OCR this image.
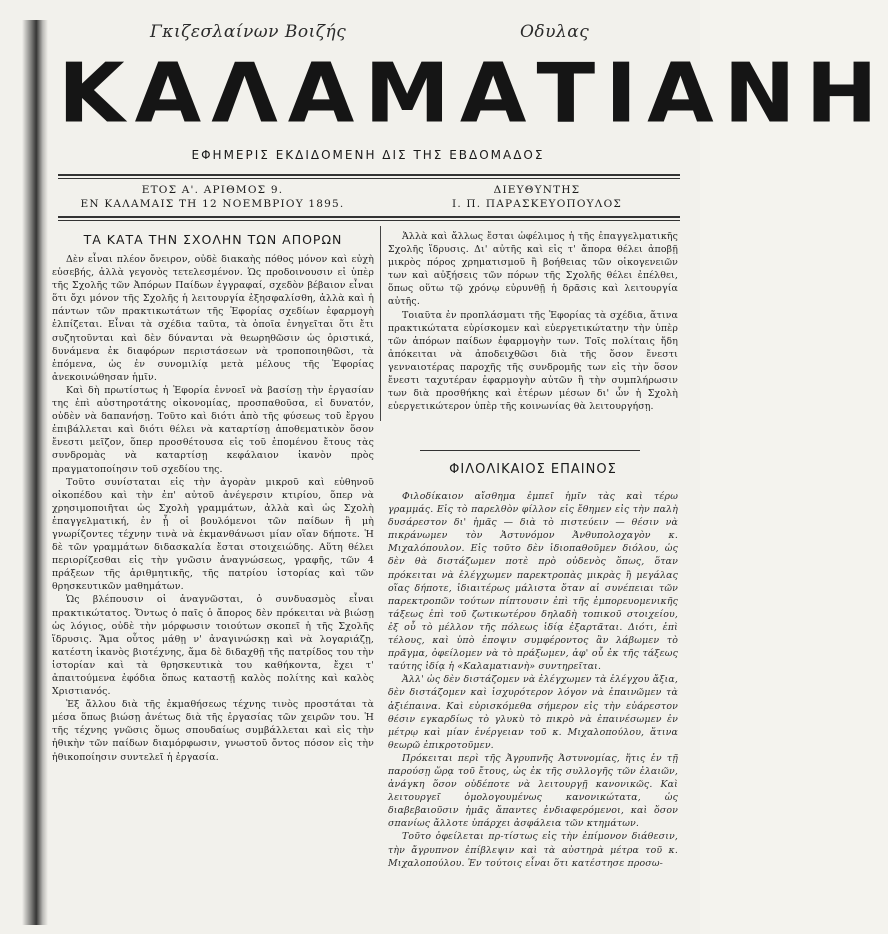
Γκιζεσλαίνων Βοιζής	Οδυλας
ΚΑΛΑΜΑΤΙΑΝΗ
ΕΦΗΜΕΡΙΣ ΕΚΔΙΔΟΜΕΝΗ ΔΙΣ ΤΗΣ ΕΒΔΟΜΑΔΟΣ
ΕΤΟΣ Α'. ΑΡΙΘΜΟΣ 9.
ΕΝ ΚΑΛΑΜΑΙΣ ΤΗ 12 ΝΟΕΜΒΡΙΟΥ 1895.
ΔΙΕΥΘΥΝΤΗΣ
Ι. Π. ΠΑΡΑΣΚΕΥΟΠΟΥΛΟΣ
ΤΑ ΚΑΤΑ ΤΗΝ ΣΧΟΛΗΝ ΤΩΝ ΑΠΟΡΩΝ

Δὲν εἶναι πλέον ὄνειρον, οὐδὲ διακαὴς πόθος μόνον καὶ εὐχὴ εὐσεβής, ἀλλὰ γεγονὸς τετελεσμένον. Ὡς προδοινουσιν εἰ ὑπὲρ τῆς Σχολῆς τῶν Ἀπόρων Παίδων ἐγγραφαί, σχεδὸν βέβαιον εἶναι ὅτι ὄχι μόνον τῆς Σχολῆς ἡ λειτουργία ἐξησφαλίσθη, ἀλλὰ καὶ ἡ πάντων τῶν πρακτικωτάτων τῆς Ἐφορίας σχεδίων ἐφαρμογὴ ἐλπίζεται. Εἶναι τὰ σχέδια ταῦτα, τὰ ὁποῖα ἐνηγεῖται ὅτι ἔτι συζητοῦνται καὶ δὲν δύνανται νὰ θεωρηθῶσιν ὡς ὁριστικά, δυνάμενα ἐκ διαφόρων περιστάσεων νὰ τροποποιηθῶσι, τὰ ἑπόμενα, ὡς ἐν συνομιλίᾳ μετὰ μέλους τῆς Ἐφορίας ἀνεκοινώθησαν ἡμῖν.

Καὶ δὴ πρωτίστως ἡ Ἐφορία ἐννοεῖ νὰ βασίσῃ τὴν ἐργασίαν της ἐπὶ αὐστηροτάτης οἰκονομίας, προσπαθοῦσα, εἰ δυνατόν, οὐδὲν νὰ δαπανήσῃ. Τοῦτο καὶ διότι ἀπὸ τῆς φύσεως τοῦ ἔργου ἐπιβάλλεται καὶ διότι θέλει νὰ καταρτίσῃ ἀποθεματικὸν ὅσον ἔνεστι μεῖζον, ὅπερ προσθέτουσα εἰς τοῦ ἑπομένου ἔτους τὰς συνδρομὰς νὰ καταρτίσῃ κεφάλαιον ἱκανὸν πρὸς πραγματοποίησιν τοῦ σχεδίου της.

Τοῦτο συνίσταται εἰς τὴν ἀγορὰν μικροῦ καὶ εὐθηνοῦ οἰκοπέδου καὶ τὴν ἐπ' αὐτοῦ ἀνέγερσιν κτιρίου, ὅπερ νὰ χρησιμοποιῆται ὡς Σχολὴ γραμμάτων, ἀλλὰ καὶ ὡς Σχολὴ ἐπαγγελματική, ἐν ᾗ οἱ βουλόμενοι τῶν παίδων ἢ μὴ γνωρίζοντες τέχνην τινὰ νὰ ἐκμανθάνωσι μίαν οἵαν δήποτε. Ἡ δὲ τῶν γραμμάτων διδασκαλία ἔσται στοιχειώδης. Αὕτη θέλει περιορίζεσθαι εἰς τὴν γνῶσιν ἀναγνώσεως, γραφῆς, τῶν 4 πράξεων τῆς ἀριθμητικῆς, τῆς πατρίου ἱστορίας καὶ τῶν θρησκευτικῶν μαθημάτων.

Ὡς βλέπουσιν οἱ ἀναγνῶσται, ὁ συνδυασμὸς εἶναι πρακτικώτατος. Ὄντως ὁ παῖς ὁ ἄπορος δὲν πρόκειται νὰ βιώσῃ ὡς λόγιος, οὐδὲ τὴν μόρφωσιν τοιούτων σκοπεῖ ἡ τῆς Σχολῆς ἵδρυσις. Ἅμα οὗτος μάθῃ ν' ἀναγινώσκῃ καὶ νὰ λογαριάζῃ, κατέστη ἱκανὸς βιοτέχνης, ἅμα δὲ διδαχθῇ τῆς πατρίδος του τὴν ἱστορίαν καὶ τὰ θρησκευτικὰ του καθήκοντα, ἔχει τ' ἀπαιτούμενα ἐφόδια ὅπως καταστῇ καλὸς πολίτης καὶ καλὸς Χριστιανός.

Ἐξ ἄλλου διὰ τῆς ἐκμαθήσεως τέχνης τινὸς προστάται τὰ μέσα ὅπως βιώσῃ ἀνέτως διὰ τῆς ἐργασίας τῶν χειρῶν του. Ἡ τῆς τέχνης γνῶσις ὅμως σπουδαίως συμβάλλεται καὶ εἰς τὴν ἠθικὴν τῶν παίδων διαμόρφωσιν, γνωστοῦ ὄντος πόσον εἰς τὴν ἠθικοποίησιν συντελεῖ ἡ ἐργασία.

Ἀλλὰ καὶ ἄλλως ἔσται ὠφέλιμος ἡ τῆς ἐπαγγελματικῆς Σχολῆς ἵδρυσις. Δι' αὐτῆς καὶ εἰς τ' ἄπορα θέλει ἀποβῇ μικρὸς πόρος χρηματισμοῦ ἢ βοήθειας τῶν οἰκογενειῶν των καὶ αὐξήσεις τῶν πόρων τῆς Σχολῆς θέλει ἐπέλθει, ὅπως οὕτω τῷ χρόνῳ εὐρυνθῇ ἡ δρᾶσις καὶ λειτουργία αὐτῆς.

Τοιαῦτα ἐν προπλάσματι τῆς Ἐφορίας τὰ σχέδια, ἅτινα πρακτικώτατα εὑρίσκομεν καὶ εὐεργετικώτατην τὴν ὑπὲρ τῶν ἀπόρων παίδων ἐφαρμογὴν των. Τοῖς πολίταις ἤδη ἀπόκειται νὰ ἀποδειχθῶσι διὰ τῆς ὅσον ἔνεστι γενναιοτέρας παροχῆς τῆς συνδρομῆς των εἰς τὴν ὅσον ἔνεστι ταχυτέραν ἐφαρμογὴν αὐτῶν ἢ τὴν συμπλήρωσιν των διὰ προσθήκης καὶ ἑτέρων μέσων δι' ὧν ἡ Σχολὴ εὐεργετικώτερον ὑπὲρ τῆς κοινωνίας θὰ λειτουργήσῃ.

ΦΙΛΟΛΙΚΑΙΟΣ ΕΠΑΙΝΟΣ

Φιλοδίκαιον αἴσθημα ἐμπεῖ ἡμῖν τὰς καὶ τέρω γραμμάς. Εἰς τὸ παρελθὸν φίλλον εἰς ἔθημεν εἰς τὴν παλὴ δυσάρεστον δι' ἡμᾶς — διὰ τὸ πιστεύειν — θέσιν νὰ πικράνωμεν τὸν Ἀστυνόμον Ἀνθυπολοχαγὸν κ. Μιχαλόπουλον. Εἰς τοῦτο δὲν ἰδιοπαθοῦμεν διόλου, ὡς δὲν θὰ διστάζωμεν ποτὲ πρὸ οὐδενὸς ὅπως, ὅταν πρόκειται νὰ ἐλέγχωμεν παρεκτροπὰς μικρὰς ἢ μεγάλας οἵας δήποτε, ἰδιαιτέρως μάλιστα ὅταν αἱ συνέπειαι τῶν παρεκτροπῶν τούτων πίπτουσιν ἐπὶ τῆς ἐμπορευομενικῆς τάξεως ἐπὶ τοῦ ζωτικωτέρου δηλαδὴ τοπικοῦ στοιχείου, ἐξ οὗ τὸ μέλλον τῆς πόλεως ἰδίᾳ ἐξαρτᾶται. Διότι, ἐπὶ τέλους, καὶ ὑπὸ ἐποψιν συμφέροντος ἂν λάβωμεν τὸ πρᾶγμα, ὀφείλομεν νὰ τὸ πράξωμεν, ἀφ' οὗ ἐκ τῆς τάξεως ταύτης ἰδίᾳ ἡ «Καλαματιανὴ» συντηρεῖται.

Ἀλλ' ὡς δὲν διστάζομεν νὰ ἐλέγχωμεν τὰ ἐλέγχου ἄξια, δὲν διστάζομεν καὶ ἰσχυρότερον λόγον νὰ ἐπαινῶμεν τὰ ἀξιέπαινα. Καὶ εὑρισκόμεθα σήμερον εἰς τὴν εὐάρεστον θέσιν εγκαρδίως τὸ γλυκὺ τὸ πικρὸ νὰ ἐπαινέσωμεν ἐν μέτρῳ καὶ μίαν ἐνέργειαν τοῦ κ. Μιχαλοπούλου, ἅτινα θεωρῶ ἐπικροτοῦμεν.

Πρόκειται περὶ τῆς Ἀγρυπνῆς Ἀστυνομίας, ἥτις ἐν τῇ παρούσῃ ὥρᾳ τοῦ ἔτους, ὡς ἐκ τῆς συλλογῆς τῶν ἐλαιῶν, ἀνάγκη ὅσον οὐδέποτε νὰ λειτουργῇ κανονικῶς. Καὶ λειτουργεῖ ὁμολογουμένως κανονικώτατα, ὡς διαβεβαιοῦσιν ἡμᾶς ἅπαντες ἐνδιαφερόμενοι, καὶ ὅσον σπανίως ἄλλοτε ὑπάρχει ἀσφάλεια τῶν κτημάτων.

Τοῦτο ὀφείλεται πρ-τίστως εἰς τὴν ἐπίμονον διάθεσιν, τὴν ἄγρυπνον ἐπίβλεψιν καὶ τὰ αὐστηρὰ μέτρα τοῦ κ. Μιχαλοπούλου. Ἐν τούτοις εἶναι ὅτι κατέστησε προσω-
